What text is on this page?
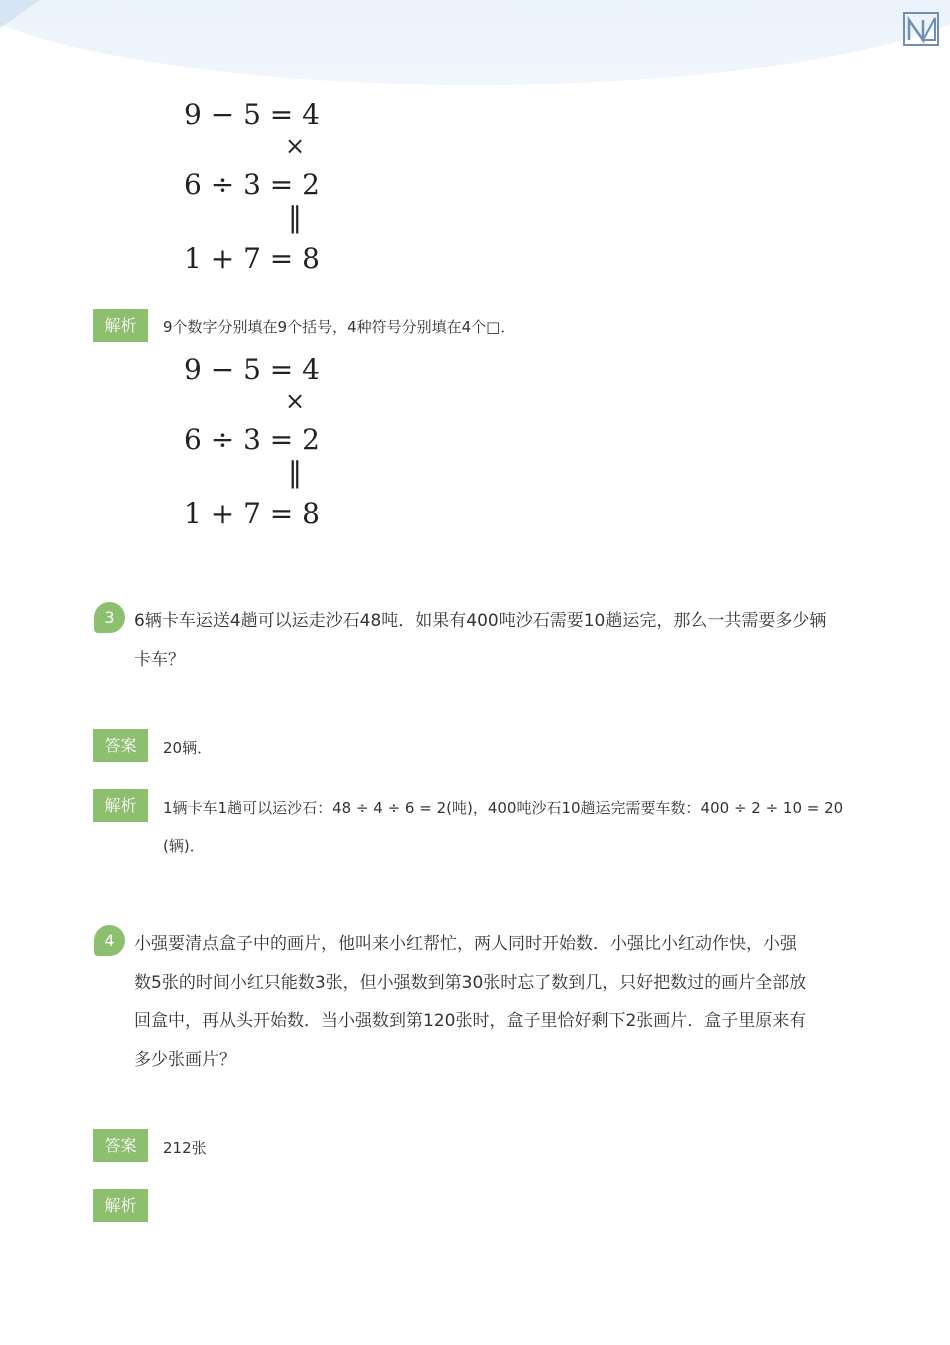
9 − 5 = 4
×
6 ÷ 3 = 2
‖
1 + 7 = 8
解析	9个数字分别填在9个括号，4种符号分别填在4个□．
9 − 5 = 4
×
6 ÷ 3 = 2
‖
1 + 7 = 8
3	6辆卡车运送4趟可以运走沙石48吨．如果有400吨沙石需要10趟运完，那么一共需要多少辆
卡车？
答案	20辆．
解析	1辆卡车1趟可以运沙石：48 ÷ 4 ÷ 6 = 2(吨)，400吨沙石10趟运完需要车数：400 ÷ 2 ÷ 10 = 20
(辆)．
4	小强要清点盒子中的画片，他叫来小红帮忙，两人同时开始数．小强比小红动作快，小强
数5张的时间小红只能数3张，但小强数到第30张时忘了数到几，只好把数过的画片全部放
回盒中，再从头开始数．当小强数到第120张时，盒子里恰好剩下2张画片．盒子里原来有
多少张画片？
答案	212张
解析
